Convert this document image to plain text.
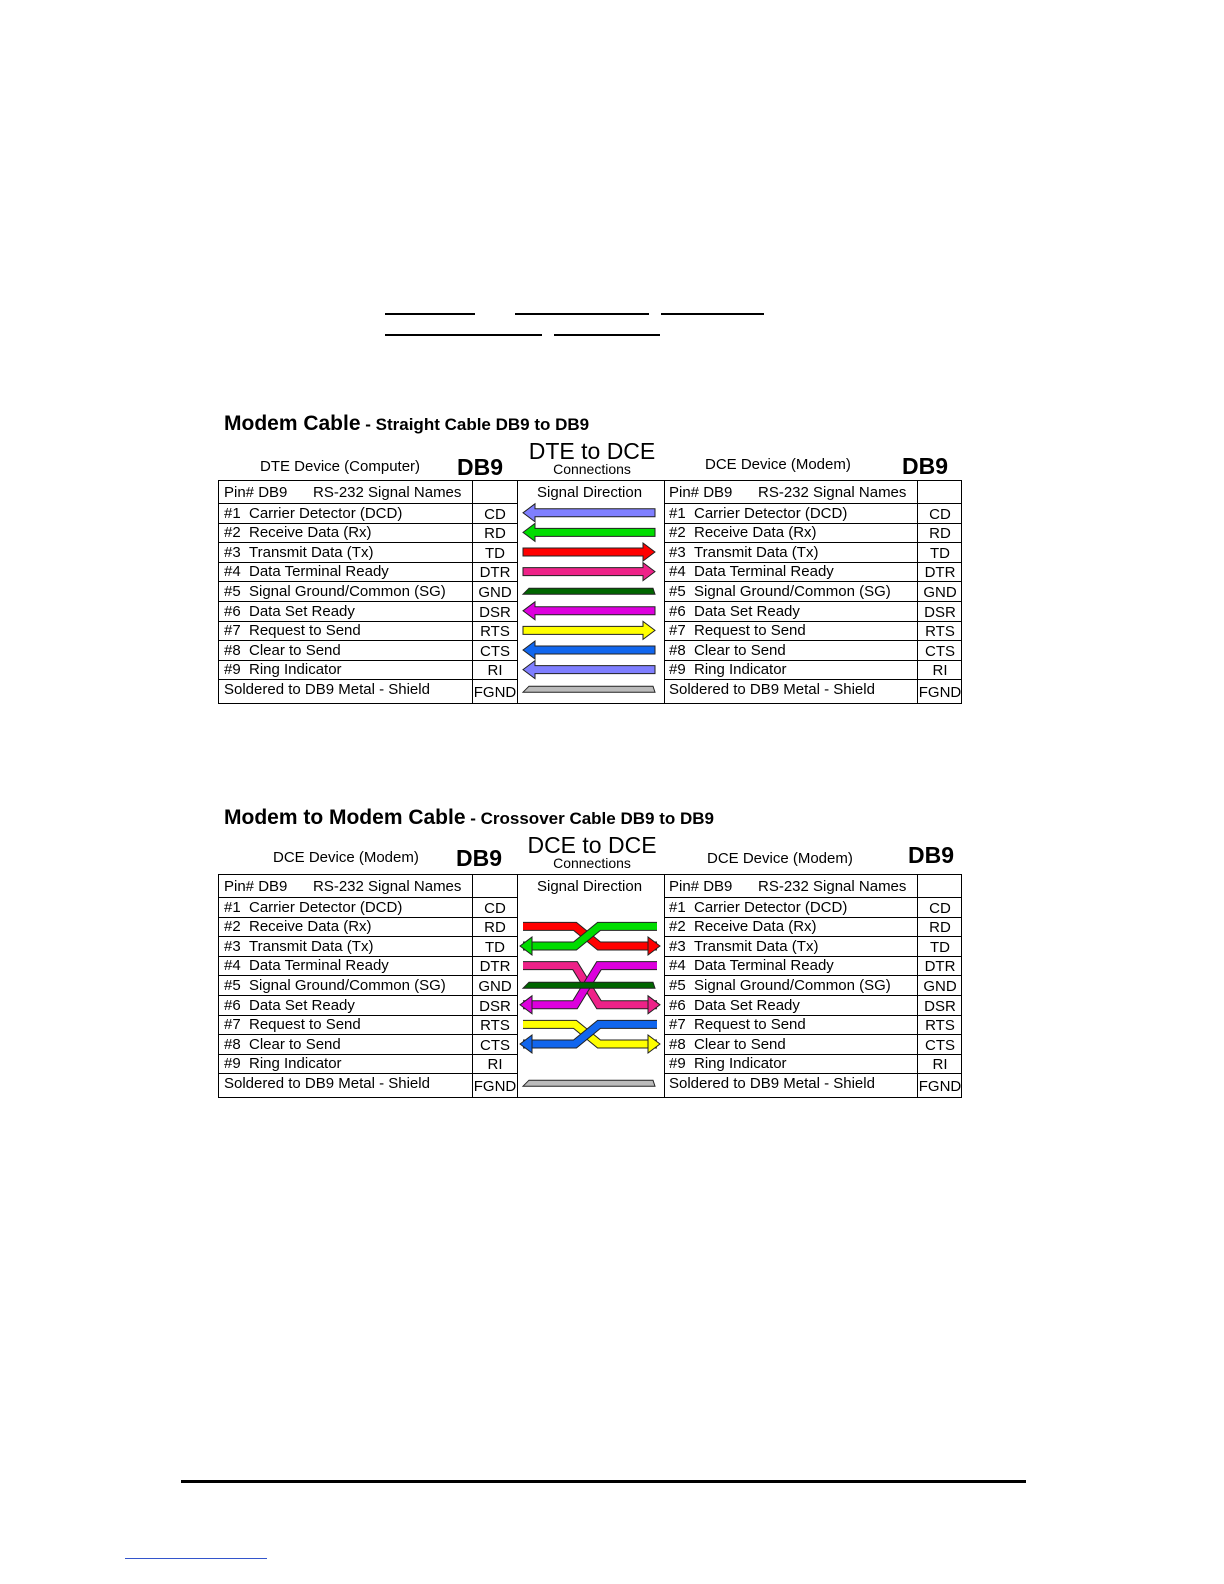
Modem Cable - Straight Cable DB9 to DB9
DTE Device (Computer) DB9
DTE to DCE
Connections	DCE Device (Modem) DB9
Pin# DB9 RS-232 Signal Names	Signal Direction Pin# DB9 RS-232 Signal Names
#1 Carrier Detector (DCD)	CD	#1 Carrier Detector (DCD)	CD
#2 Receive Data (Rx)	RD	#2 Receive Data (Rx)	RD
#3 Transmit Data (Tx)	TD	#3 Transmit Data (Tx)	TD
#4 Data Terminal Ready	DTR	#4 Data Terminal Ready	DTR
#5 Signal Ground/Common (SG)	GND	#5 Signal Ground/Common (SG)	GND
#6 Data Set Ready	DSR	#6 Data Set Ready	DSR
#7 Request to Send	RTS	#7 Request to Send	RTS
#8 Clear to Send	CTS	#8 Clear to Send	CTS
#9 Ring Indicator	RI	#9 Ring Indicator	RI
Soldered to DB9 Metal - Shield	FGND	Soldered to DB9 Metal - Shield	FGND
Modem to Modem Cable - Crossover Cable DB9 to DB9
DCE Device (Modem) DB9	DCE to DCE
Connections	DCE Device (Modem) DB9
Pin# DB9 RS-232 Signal Names	Signal Direction Pin# DB9 RS-232 Signal Names
#1 Carrier Detector (DCD)	CD	#1 Carrier Detector (DCD)	CD
#2 Receive Data (Rx)	RD	#2 Receive Data (Rx)	RD
#3 Transmit Data (Tx)	TD	#3 Transmit Data (Tx)	TD
#4 Data Terminal Ready	DTR	#4 Data Terminal Ready	DTR
#5 Signal Ground/Common (SG)	GND	#5 Signal Ground/Common (SG)	GND
#6 Data Set Ready	DSR	#6 Data Set Ready	DSR
#7 Request to Send	RTS	#7 Request to Send	RTS
#8 Clear to Send	CTS	#8 Clear to Send	CTS
#9 Ring Indicator	RI	#9 Ring Indicator	RI
Soldered to DB9 Metal - Shield	FGND	Soldered to DB9 Metal - Shield	FGND
